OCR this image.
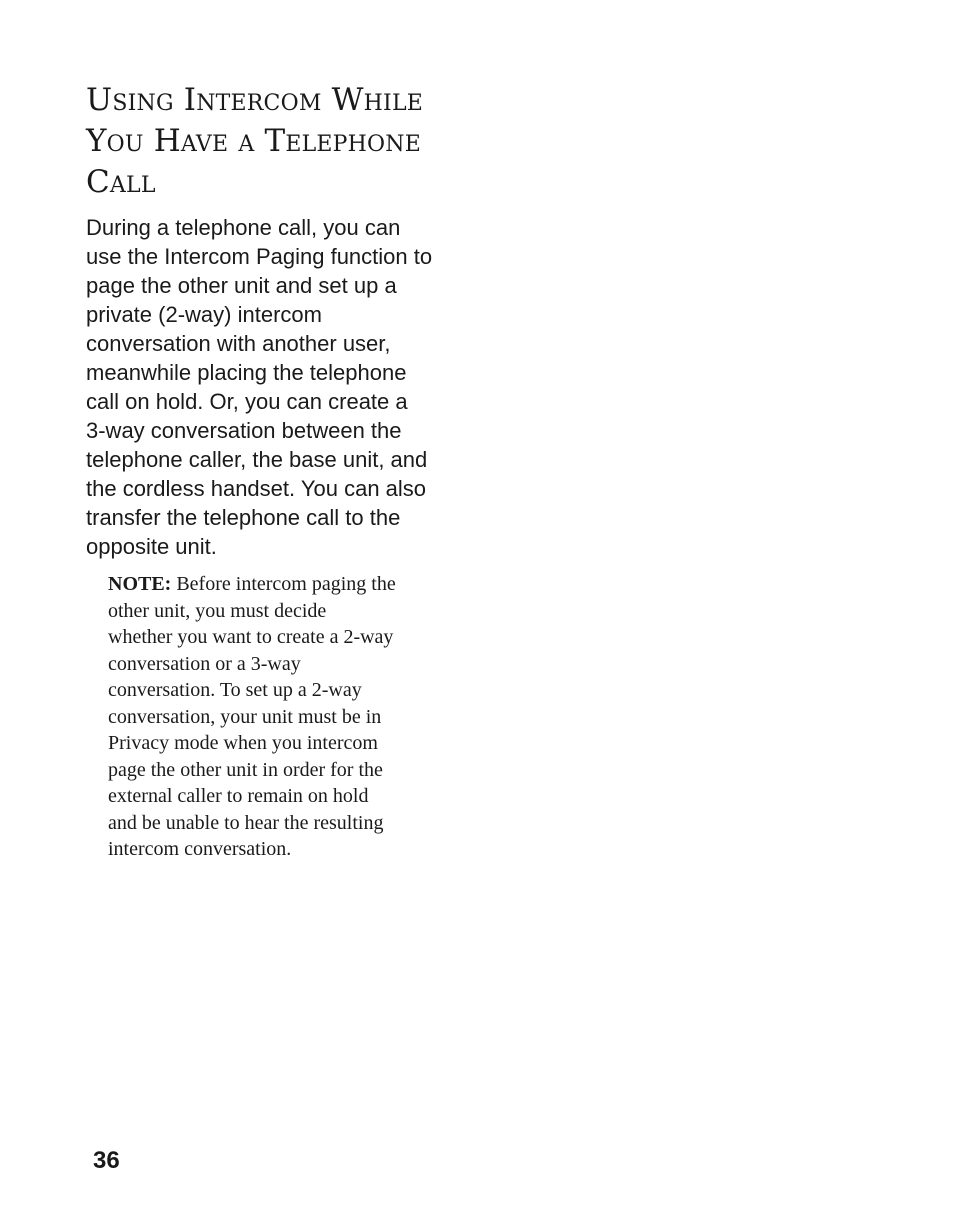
Using Intercom While
You Have a Telephone
Call
During a telephone call, you can
use the Intercom Paging function to
page the other unit and set up a
private (2-way) intercom
conversation with another user,
meanwhile placing the telephone
call on hold. Or, you can create a
3-way conversation between the
telephone caller, the base unit, and
the cordless handset. You can also
transfer the telephone call to the
opposite unit.
NOTE: Before intercom paging the
other unit, you must decide
whether you want to create a 2-way
conversation or a 3-way
conversation. To set up a 2-way
conversation, your unit must be in
Privacy mode when you intercom
page the other unit in order for the
external caller to remain on hold
and be unable to hear the resulting
intercom conversation.
36
